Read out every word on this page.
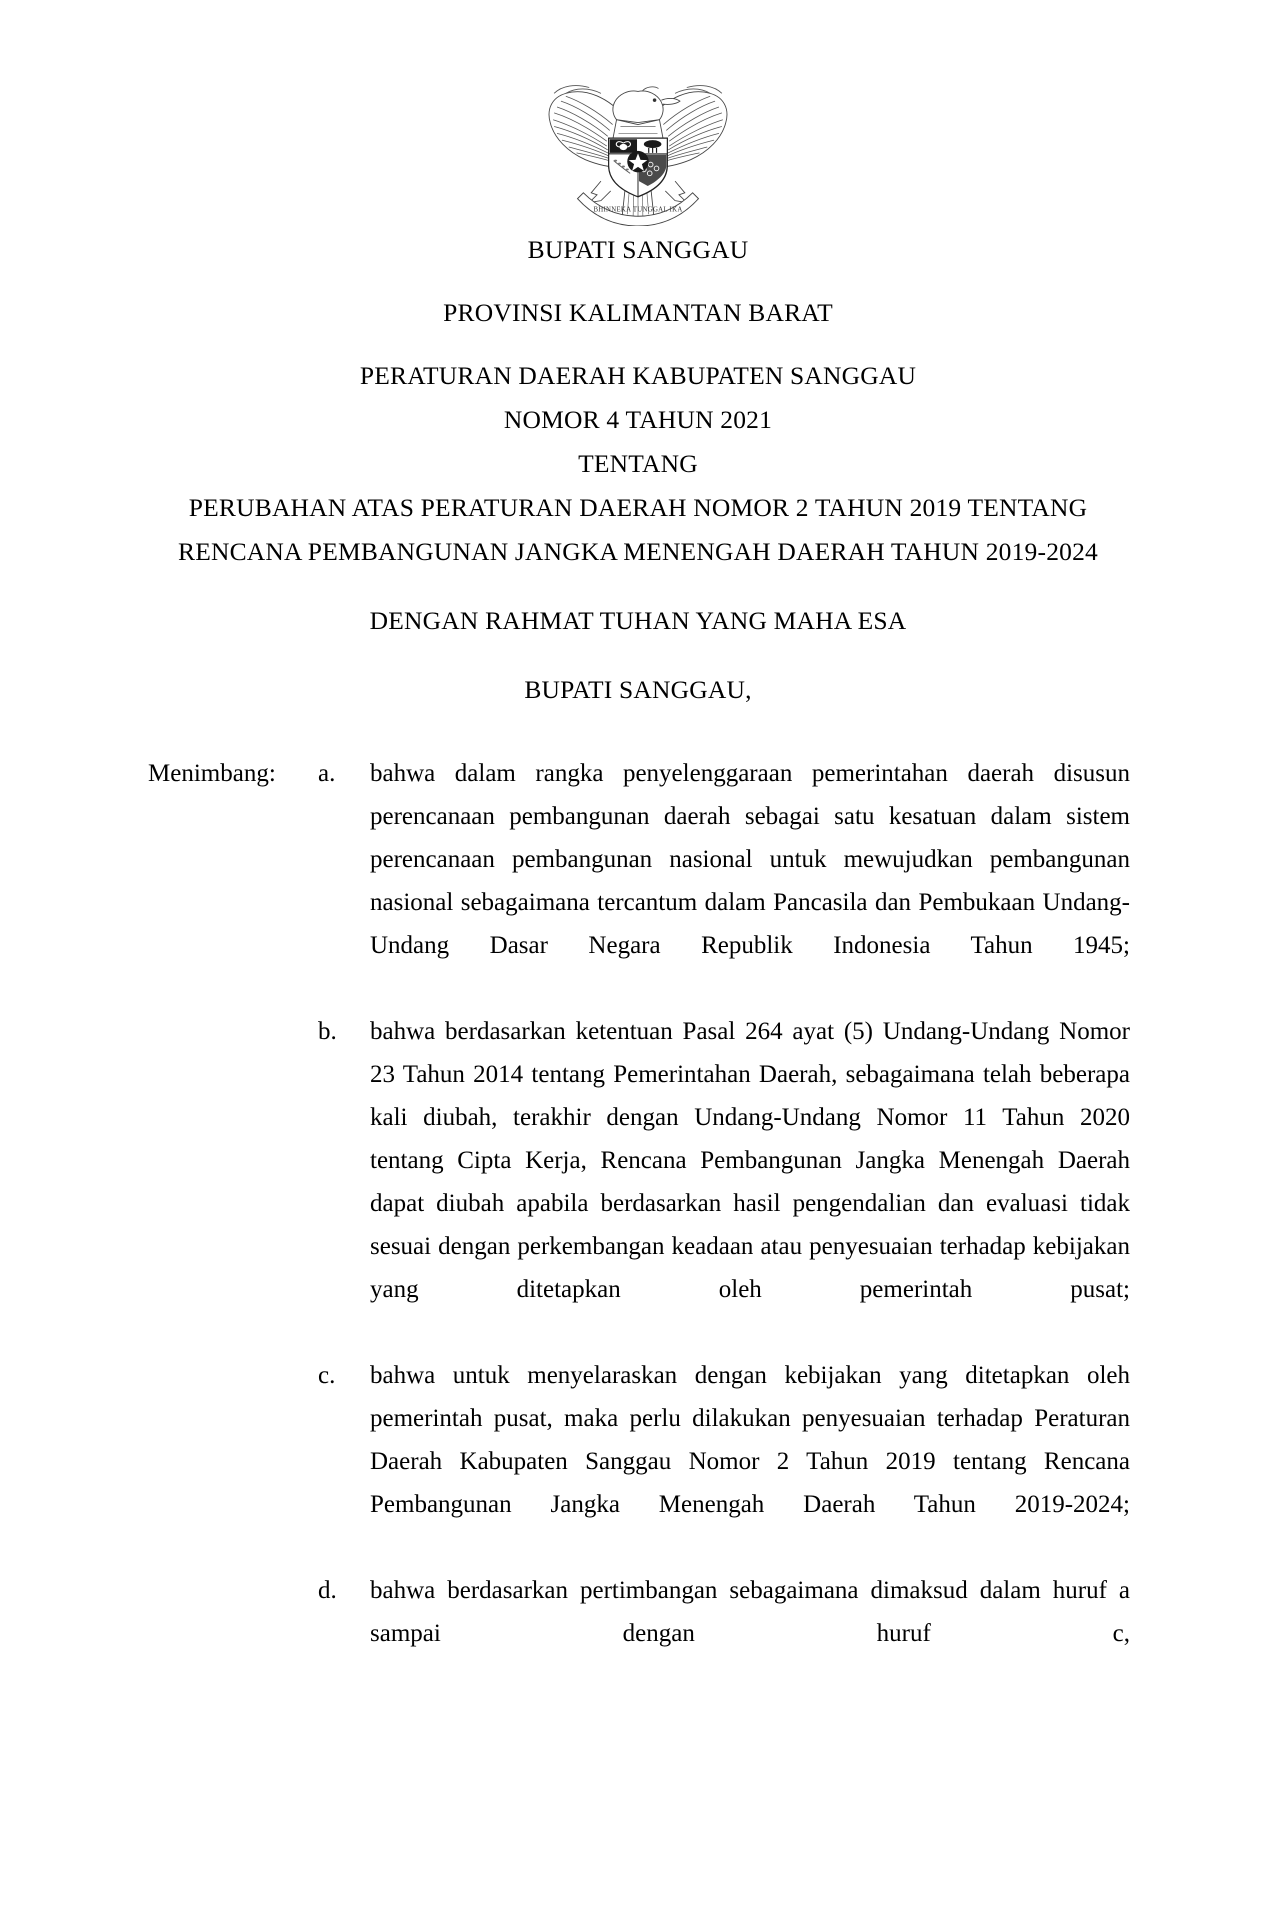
BHINNEKA TUNGGAL IKA
BUPATI SANGGAU
PROVINSI KALIMANTAN BARAT
PERATURAN DAERAH KABUPATEN SANGGAU
NOMOR 4 TAHUN 2021
TENTANG
PERUBAHAN ATAS PERATURAN DAERAH NOMOR 2 TAHUN 2019 TENTANG
RENCANA PEMBANGUNAN JANGKA MENENGAH DAERAH TAHUN 2019-2024
DENGAN RAHMAT TUHAN YANG MAHA ESA
BUPATI SANGGAU,
Menimbang:	a.	bahwa dalam rangka penyelenggaraan pemerintahan daerah disusun perencanaan pembangunan daerah sebagai satu kesatuan dalam sistem perencanaan pembangunan nasional untuk mewujudkan pembangunan nasional sebagaimana tercantum dalam Pancasila dan Pembukaan Undang-Undang Dasar Negara Republik Indonesia Tahun 1945;
b.	bahwa berdasarkan ketentuan Pasal 264 ayat (5) Undang-Undang Nomor 23 Tahun 2014 tentang Pemerintahan Daerah, sebagaimana telah beberapa kali diubah, terakhir dengan Undang-Undang Nomor 11 Tahun 2020 tentang Cipta Kerja, Rencana Pembangunan Jangka Menengah Daerah dapat diubah apabila berdasarkan hasil pengendalian dan evaluasi tidak sesuai dengan perkembangan keadaan atau penyesuaian terhadap kebijakan yang ditetapkan oleh pemerintah pusat;
c.	bahwa untuk menyelaraskan dengan kebijakan yang ditetapkan oleh pemerintah pusat, maka perlu dilakukan penyesuaian terhadap Peraturan Daerah Kabupaten Sanggau Nomor 2 Tahun 2019 tentang Rencana Pembangunan Jangka Menengah Daerah Tahun 2019-2024;
d.	bahwa berdasarkan pertimbangan sebagaimana dimaksud dalam huruf a sampai dengan huruf c,
